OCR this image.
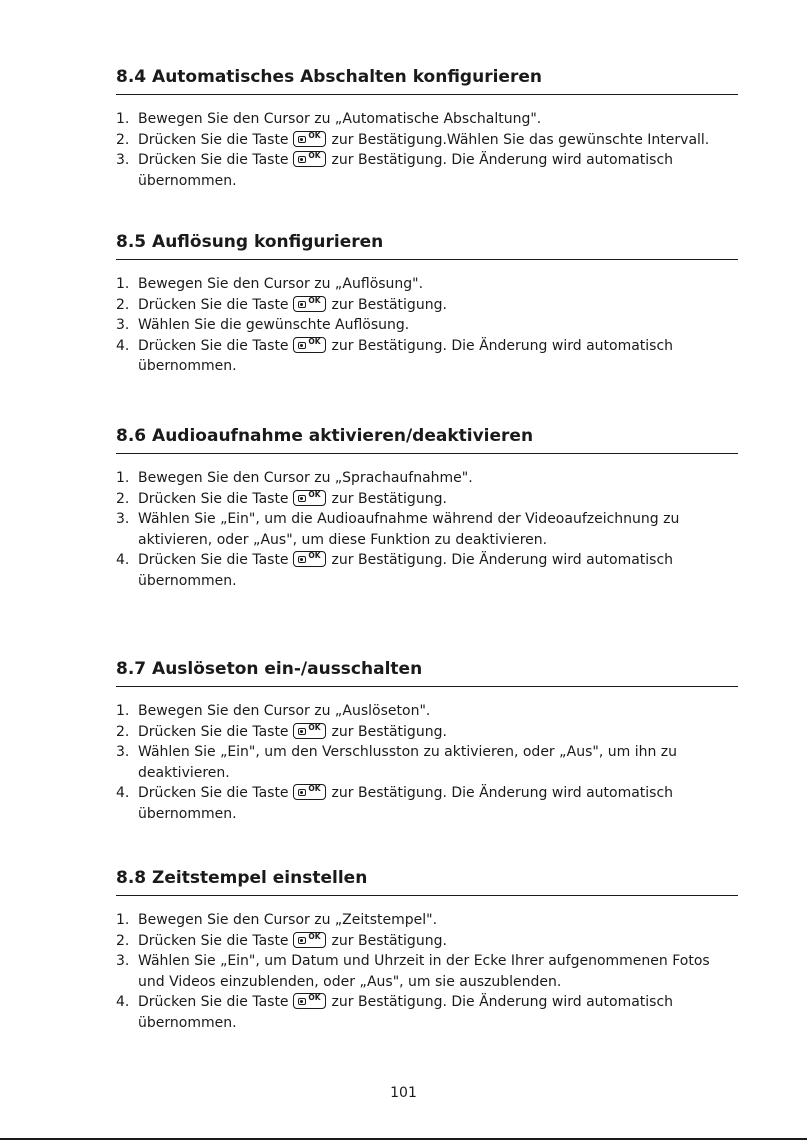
8.4 Automatisches Abschalten konfigurieren
1. Bewegen Sie den Cursor zu „Automatische Abschaltung".
2. Drücken Sie die Taste	OK zur Bestätigung.Wählen Sie das gewünschte Intervall.
3. Drücken Sie die Taste	OK zur Bestätigung. Die Änderung wird automatisch übernommen.
8.5 Auflösung konfigurieren
1. Bewegen Sie den Cursor zu „Auflösung".
2. Drücken Sie die Taste	OK zur Bestätigung.
3. Wählen Sie die gewünschte Auflösung.
4. Drücken Sie die Taste	OK zur Bestätigung. Die Änderung wird automatisch übernommen.
8.6 Audioaufnahme aktivieren/deaktivieren
1. Bewegen Sie den Cursor zu „Sprachaufnahme".
2. Drücken Sie die Taste	OK zur Bestätigung.
3. Wählen Sie „Ein", um die Audioaufnahme während der Videoaufzeichnung zu aktivieren, oder „Aus", um diese Funktion zu deaktivieren.
4. Drücken Sie die Taste	OK zur Bestätigung. Die Änderung wird automatisch übernommen.
8.7 Auslöseton ein-/ausschalten
1. Bewegen Sie den Cursor zu „Auslöseton".
2. Drücken Sie die Taste	OK zur Bestätigung.
3. Wählen Sie „Ein", um den Verschlusston zu aktivieren, oder „Aus", um ihn zu deaktivieren.
4. Drücken Sie die Taste	OK zur Bestätigung. Die Änderung wird automatisch übernommen.
8.8 Zeitstempel einstellen
1. Bewegen Sie den Cursor zu „Zeitstempel".
2. Drücken Sie die Taste	OK zur Bestätigung.
3. Wählen Sie „Ein", um Datum und Uhrzeit in der Ecke Ihrer aufgenommenen Fotos und Videos einzublenden, oder „Aus", um sie auszublenden.
4. Drücken Sie die Taste	OK zur Bestätigung. Die Änderung wird automatisch übernommen.
101
